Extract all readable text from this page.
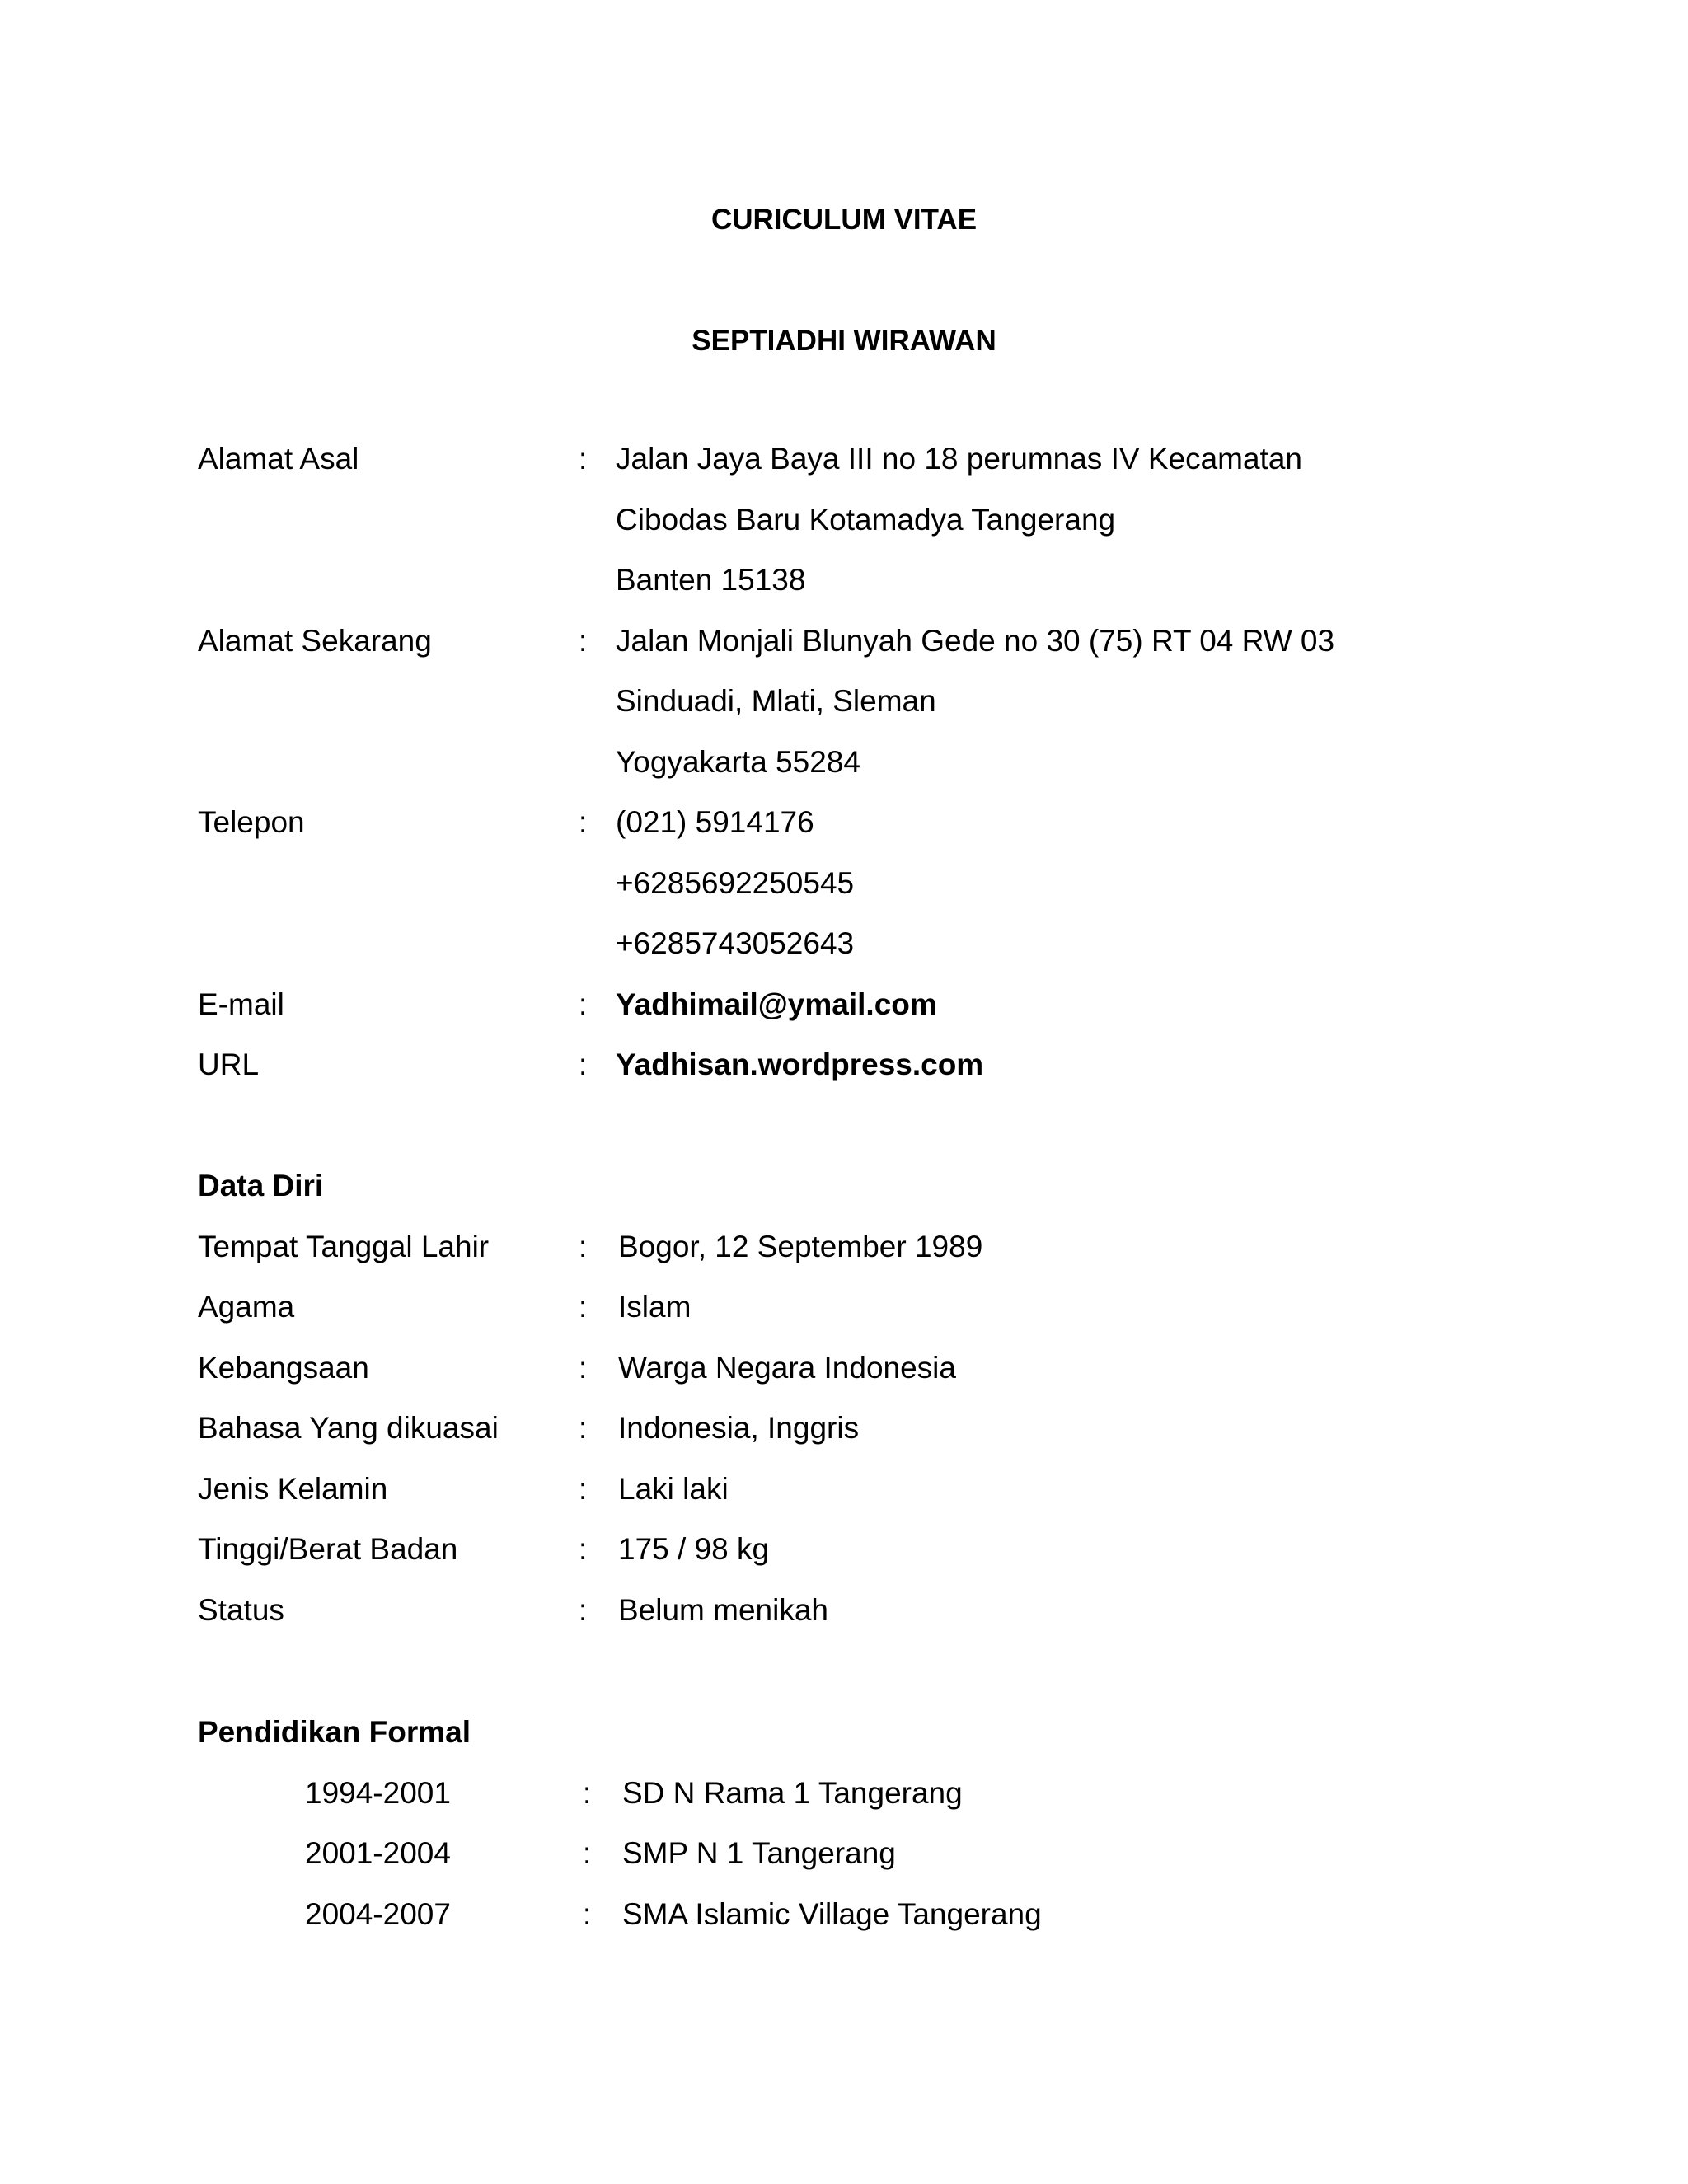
CURICULUM VITAE
SEPTIADHI WIRAWAN
Alamat Asal	: Jalan Jaya Baya III no 18 perumnas IV Kecamatan
Cibodas Baru Kotamadya Tangerang
Banten 15138
Alamat Sekarang	: Jalan Monjali Blunyah Gede no 30 (75) RT 04 RW 03
Sinduadi, Mlati, Sleman
Yogyakarta 55284
Telepon	: (021) 5914176
+6285692250545
+6285743052643
E-mail	: Yadhimail@ymail.com
URL	: Yadhisan.wordpress.com
Data Diri
Tempat Tanggal Lahir	: Bogor, 12 September 1989
Agama	: Islam
Kebangsaan	: Warga Negara Indonesia
Bahasa Yang dikuasai	: Indonesia, Inggris
Jenis Kelamin	: Laki laki
Tinggi/Berat Badan	: 175 / 98 kg
Status	: Belum menikah
Pendidikan Formal
1994-2001	: SD N Rama 1 Tangerang
2001-2004	: SMP N 1 Tangerang
2004-2007	: SMA Islamic Village Tangerang
